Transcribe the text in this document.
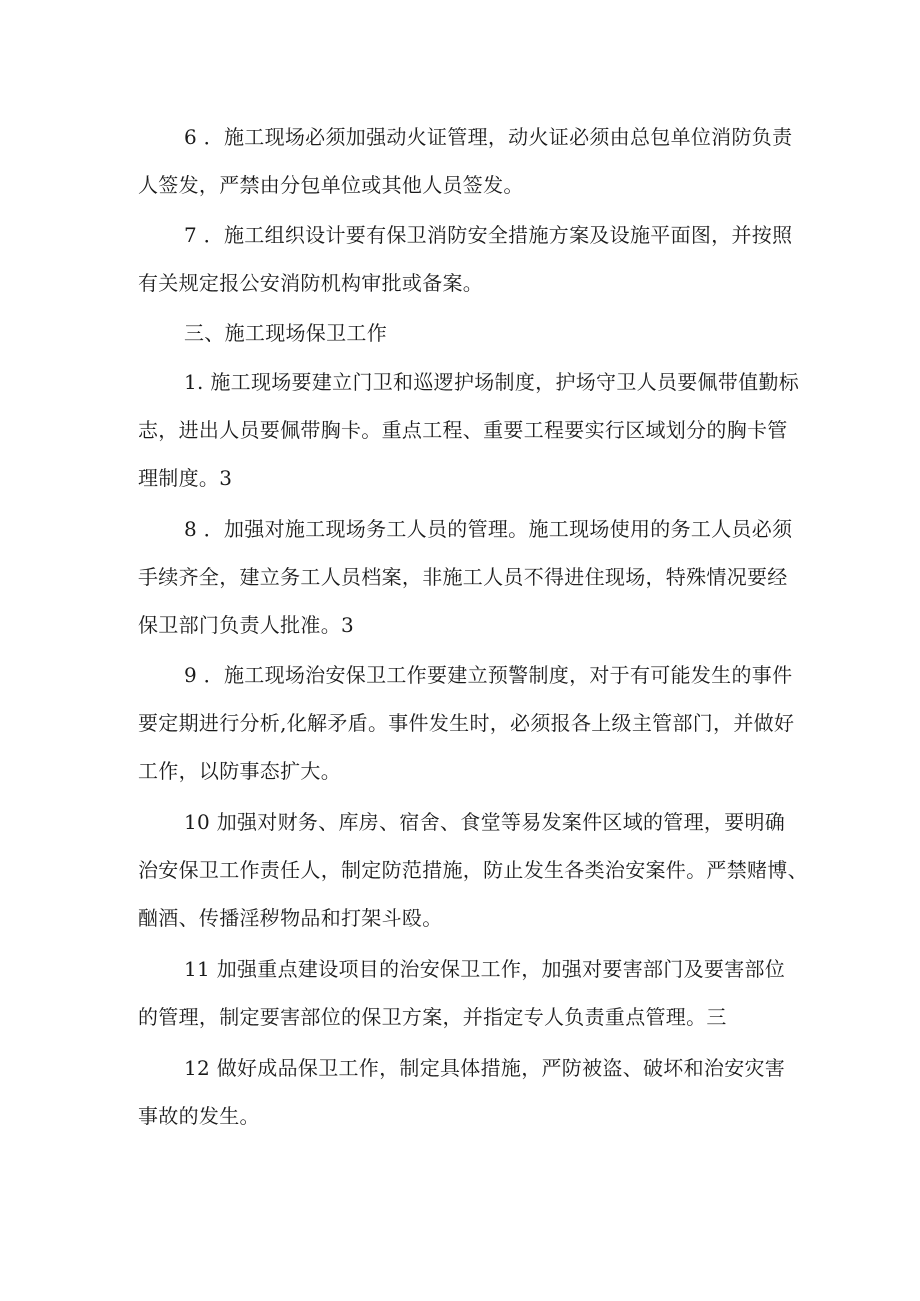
6 ．施工现场必须加强动火证管理，动火证必须由总包单位消防负责
人签发，严禁由分包单位或其他人员签发。

7 ．施工组织设计要有保卫消防安全措施方案及设施平面图，并按照
有关规定报公安消防机构审批或备案。

三、施工现场保卫工作

1. 施工现场要建立门卫和巡逻护场制度，护场守卫人员要佩带值勤标
志，进出人员要佩带胸卡。重点工程、重要工程要实行区域划分的胸卡管
理制度。3

8 ．加强对施工现场务工人员的管理。施工现场使用的务工人员必须
手续齐全，建立务工人员档案，非施工人员不得进住现场，特殊情况要经
保卫部门负责人批准。3

9 ．施工现场治安保卫工作要建立预警制度，对于有可能发生的事件
要定期进行分析,化解矛盾。事件发生时，必须报各上级主管部门，并做好
工作，以防事态扩大。

10 加强对财务、库房、宿舍、食堂等易发案件区域的管理，要明确
治安保卫工作责任人，制定防范措施，防止发生各类治安案件。严禁赌博、
酗酒、传播淫秽物品和打架斗殴。

11 加强重点建设项目的治安保卫工作，加强对要害部门及要害部位
的管理，制定要害部位的保卫方案，并指定专人负责重点管理。三

12 做好成品保卫工作，制定具体措施，严防被盗、破坏和治安灾害
事故的发生。
